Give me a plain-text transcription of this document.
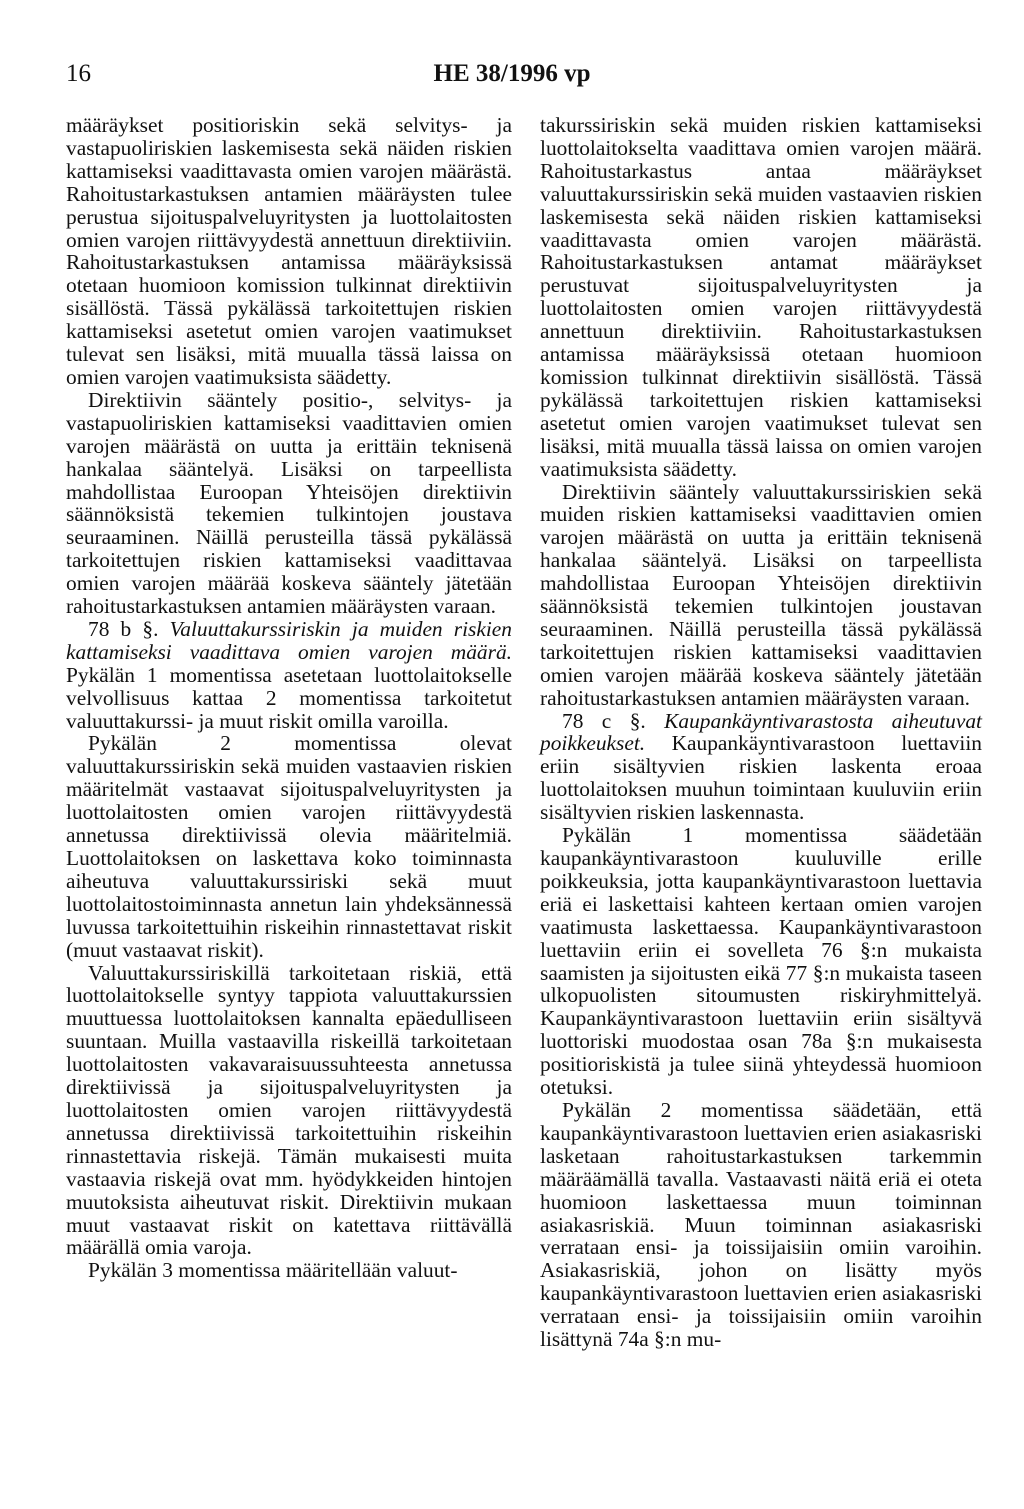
16	HE 38/1996 vp

määräykset positioriskin sekä selvitys- ja vastapuoliriskien laskemisesta sekä näiden riskien kattamiseksi vaadittavasta omien varojen määrästä. Rahoitustarkastuksen antamien määräysten tulee perustua sijoituspalveluyritysten ja luottolaitosten omien varojen riittävyydestä annettuun direktiiviin. Rahoitustarkastuksen antamissa määräyksissä otetaan huomioon komission tulkinnat direktiivin sisällöstä. Tässä pykälässä tarkoitettujen riskien kattamiseksi asetetut omien varojen vaatimukset tulevat sen lisäksi, mitä muualla tässä laissa on omien varojen vaatimuksista säädetty.

Direktiivin sääntely positio-, selvitys- ja vastapuoliriskien kattamiseksi vaadittavien omien varojen määrästä on uutta ja erittäin teknisenä hankalaa sääntelyä. Lisäksi on tarpeellista mahdollistaa Euroopan Yhteisöjen direktiivin säännöksistä tekemien tulkintojen joustava seuraaminen. Näillä perusteilla tässä pykälässä tarkoitettujen riskien kattamiseksi vaadittavaa omien varojen määrää koskeva sääntely jätetään rahoitustarkastuksen antamien määräysten varaan.

78 b §. Valuuttakurssiriskin ja muiden riskien kattamiseksi vaadittava omien varojen määrä. Pykälän 1 momentissa asetetaan luottolaitokselle velvollisuus kattaa 2 momentissa tarkoitetut valuuttakurssi- ja muut riskit omilla varoilla.

Pykälän 2 momentissa olevat valuuttakurssiriskin sekä muiden vastaavien riskien määritelmät vastaavat sijoituspalveluyritysten ja luottolaitosten omien varojen riittävyydestä annetussa direktiivissä olevia määritelmiä. Luottolaitoksen on laskettava koko toiminnasta aiheutuva valuuttakurssiriski sekä muut luottolaitostoiminnasta annetun lain yhdeksännessä luvussa tarkoitettuihin riskeihin rinnastettavat riskit (muut vastaavat riskit).

Valuuttakurssiriskillä tarkoitetaan riskiä, että luottolaitokselle syntyy tappiota valuuttakurssien muuttuessa luottolaitoksen kannalta epäedulliseen suuntaan. Muilla vastaavilla riskeillä tarkoitetaan luottolaitosten vakavaraisuussuhteesta annetussa direktiivissä ja sijoituspalveluyritysten ja luottolaitosten omien varojen riittävyydestä annetussa direktiivissä tarkoitettuihin riskeihin rinnastettavia riskejä. Tämän mukaisesti muita vastaavia riskejä ovat mm. hyödykkeiden hintojen muutoksista aiheutuvat riskit. Direktiivin mukaan muut vastaavat riskit on katettava riittävällä määrällä omia varoja.

Pykälän 3 momentissa määritellään valuut-

takurssiriskin sekä muiden riskien kattamiseksi luottolaitokselta vaadittava omien varojen määrä. Rahoitustarkastus antaa määräykset valuuttakurssiriskin sekä muiden vastaavien riskien laskemisesta sekä näiden riskien kattamiseksi vaadittavasta omien varojen määrästä. Rahoitustarkastuksen antamat määräykset perustuvat sijoituspalveluyritysten ja luottolaitosten omien varojen riittävyydestä annettuun direktiiviin. Rahoitustarkastuksen antamissa määräyksissä otetaan huomioon komission tulkinnat direktiivin sisällöstä. Tässä pykälässä tarkoitettujen riskien kattamiseksi asetetut omien varojen vaatimukset tulevat sen lisäksi, mitä muualla tässä laissa on omien varojen vaatimuksista säädetty.

Direktiivin sääntely valuuttakurssiriskien sekä muiden riskien kattamiseksi vaadittavien omien varojen määrästä on uutta ja erittäin teknisenä hankalaa sääntelyä. Lisäksi on tarpeellista mahdollistaa Euroopan Yhteisöjen direktiivin säännöksistä tekemien tulkintojen joustavan seuraaminen. Näillä perusteilla tässä pykälässä tarkoitettujen riskien kattamiseksi vaadittavien omien varojen määrää koskeva sääntely jätetään rahoitustarkastuksen antamien määräysten varaan.

78 c §. Kaupankäyntivarastosta aiheutuvat poikkeukset. Kaupankäyntivarastoon luettaviin eriin sisältyvien riskien laskenta eroaa luottolaitoksen muuhun toimintaan kuuluviin eriin sisältyvien riskien laskennasta.

Pykälän 1 momentissa säädetään kaupankäyntivarastoon kuuluville erille poikkeuksia, jotta kaupankäyntivarastoon luettavia eriä ei laskettaisi kahteen kertaan omien varojen vaatimusta laskettaessa. Kaupankäyntivarastoon luettaviin eriin ei sovelleta 76 §:n mukaista saamisten ja sijoitusten eikä 77 §:n mukaista taseen ulkopuolisten sitoumusten riskiryhmittelyä. Kaupankäyntivarastoon luettaviin eriin sisältyvä luottoriski muodostaa osan 78a §:n mukaisesta positioriskistä ja tulee siinä yhteydessä huomioon otetuksi.

Pykälän 2 momentissa säädetään, että kaupankäyntivarastoon luettavien erien asiakasriski lasketaan rahoitustarkastuksen tarkemmin määräämällä tavalla. Vastaavasti näitä eriä ei oteta huomioon laskettaessa muun toiminnan asiakasriskiä. Muun toiminnan asiakasriski verrataan ensi- ja toissijaisiin omiin varoihin. Asiakasriskiä, johon on lisätty myös kaupankäyntivarastoon luettavien erien asiakasriski verrataan ensi- ja toissijaisiin omiin varoihin lisättynä 74a §:n mu-
